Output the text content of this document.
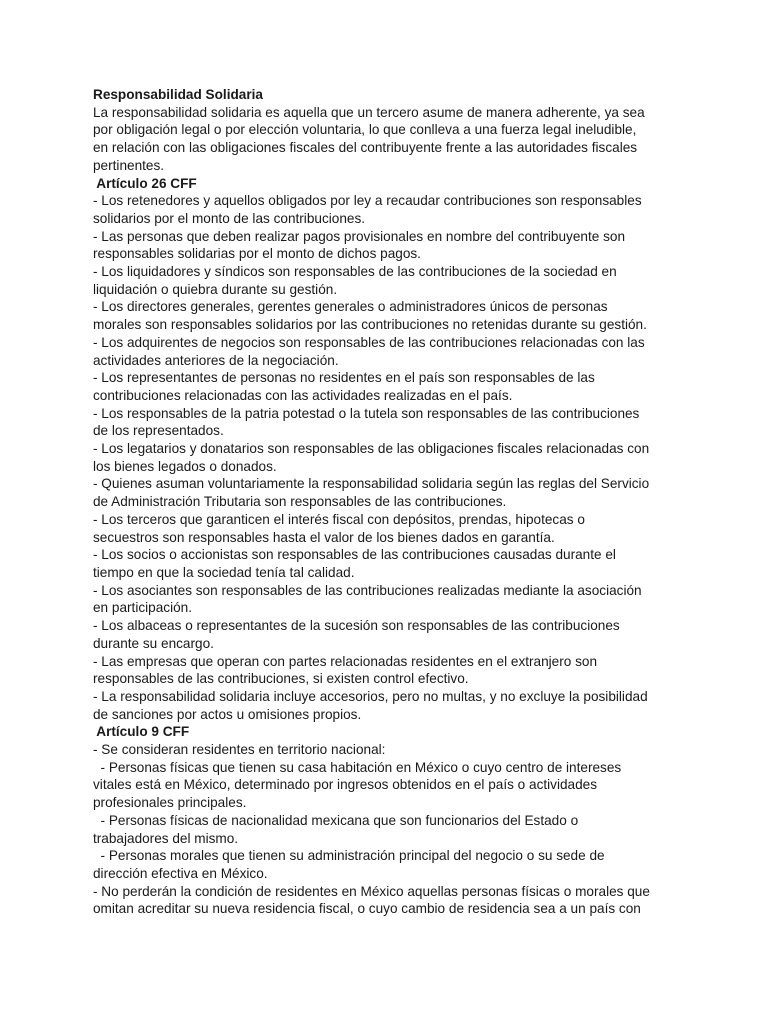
Responsabilidad Solidaria
La responsabilidad solidaria es aquella que un tercero asume de manera adherente, ya sea
por obligación legal o por elección voluntaria, lo que conlleva a una fuerza legal ineludible,
en relación con las obligaciones fiscales del contribuyente frente a las autoridades fiscales
pertinentes.
Artículo 26 CFF
- Los retenedores y aquellos obligados por ley a recaudar contribuciones son responsables
solidarios por el monto de las contribuciones.
- Las personas que deben realizar pagos provisionales en nombre del contribuyente son
responsables solidarias por el monto de dichos pagos.
- Los liquidadores y síndicos son responsables de las contribuciones de la sociedad en
liquidación o quiebra durante su gestión.
- Los directores generales, gerentes generales o administradores únicos de personas
morales son responsables solidarios por las contribuciones no retenidas durante su gestión.
- Los adquirentes de negocios son responsables de las contribuciones relacionadas con las
actividades anteriores de la negociación.
- Los representantes de personas no residentes en el país son responsables de las
contribuciones relacionadas con las actividades realizadas en el país.
- Los responsables de la patria potestad o la tutela son responsables de las contribuciones
de los representados.
- Los legatarios y donatarios son responsables de las obligaciones fiscales relacionadas con
los bienes legados o donados.
- Quienes asuman voluntariamente la responsabilidad solidaria según las reglas del Servicio
de Administración Tributaria son responsables de las contribuciones.
- Los terceros que garanticen el interés fiscal con depósitos, prendas, hipotecas o
secuestros son responsables hasta el valor de los bienes dados en garantía.
- Los socios o accionistas son responsables de las contribuciones causadas durante el
tiempo en que la sociedad tenía tal calidad.
- Los asociantes son responsables de las contribuciones realizadas mediante la asociación
en participación.
- Los albaceas o representantes de la sucesión son responsables de las contribuciones
durante su encargo.
- Las empresas que operan con partes relacionadas residentes en el extranjero son
responsables de las contribuciones, si existen control efectivo.
- La responsabilidad solidaria incluye accesorios, pero no multas, y no excluye la posibilidad
de sanciones por actos u omisiones propios.
Artículo 9 CFF
- Se consideran residentes en territorio nacional:
- Personas físicas que tienen su casa habitación en México o cuyo centro de intereses
vitales está en México, determinado por ingresos obtenidos en el país o actividades
profesionales principales.
- Personas físicas de nacionalidad mexicana que son funcionarios del Estado o
trabajadores del mismo.
- Personas morales que tienen su administración principal del negocio o su sede de
dirección efectiva en México.
- No perderán la condición de residentes en México aquellas personas físicas o morales que
omitan acreditar su nueva residencia fiscal, o cuyo cambio de residencia sea a un país con
